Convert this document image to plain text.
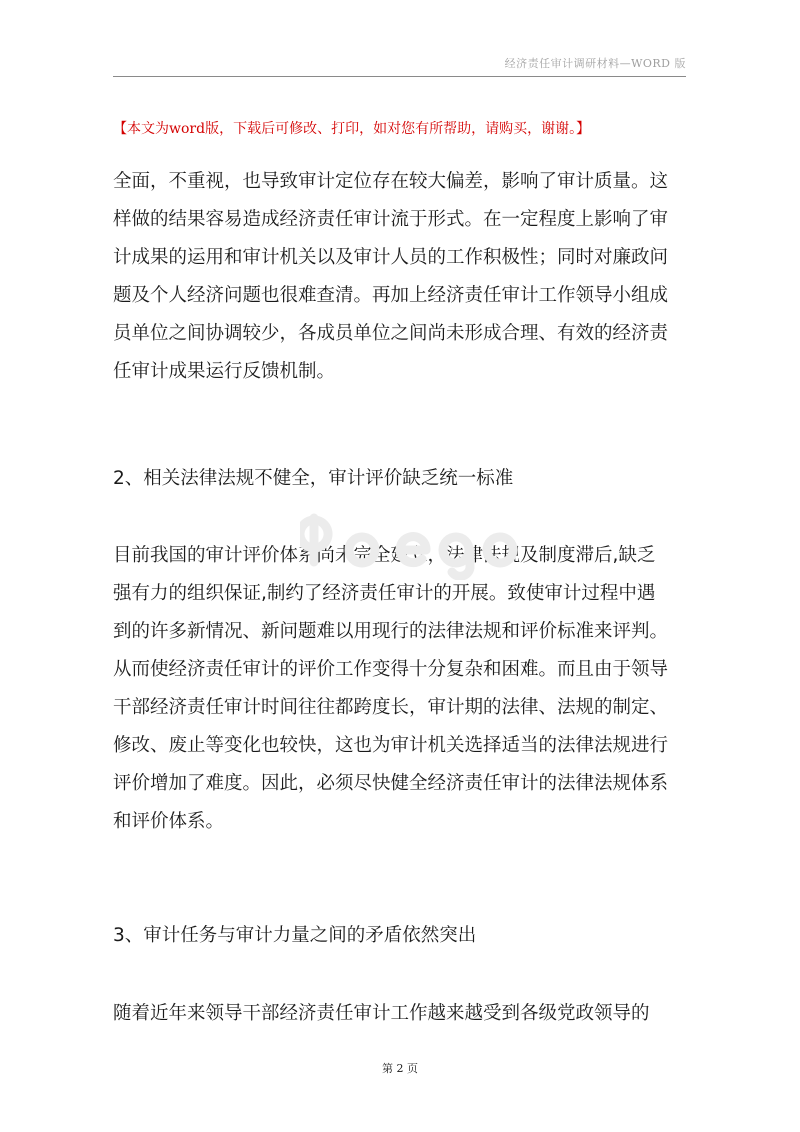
经济责任审计调研材料—WORD 版
【本文为word版，下载后可修改、打印，如对您有所帮助，请购买，谢谢。】
全面，不重视，也导致审计定位存在较大偏差，影响了审计质量。这
样做的结果容易造成经济责任审计流于形式。在一定程度上影响了审
计成果的运用和审计机关以及审计人员的工作积极性；同时对廉政问
题及个人经济问题也很难查清。再加上经济责任审计工作领导小组成
员单位之间协调较少，各成员单位之间尚未形成合理、有效的经济责
任审计成果运行反馈机制。
2、相关法律法规不健全，审计评价缺乏统一标准
目前我国的审计评价体系尚未完全建立，法律法规及制度滞后,缺乏
强有力的组织保证,制约了经济责任审计的开展。致使审计过程中遇
到的许多新情况、新问题难以用现行的法律法规和评价标准来评判。
从而使经济责任审计的评价工作变得十分复杂和困难。而且由于领导
干部经济责任审计时间往往都跨度长，审计期的法律、法规的制定、
修改、废止等变化也较快，这也为审计机关选择适当的法律法规进行
评价增加了难度。因此，必须尽快健全经济责任审计的法律法规体系
和评价体系。
3、审计任务与审计力量之间的矛盾依然突出
随着近年来领导干部经济责任审计工作越来越受到各级党政领导的
第 2 页
